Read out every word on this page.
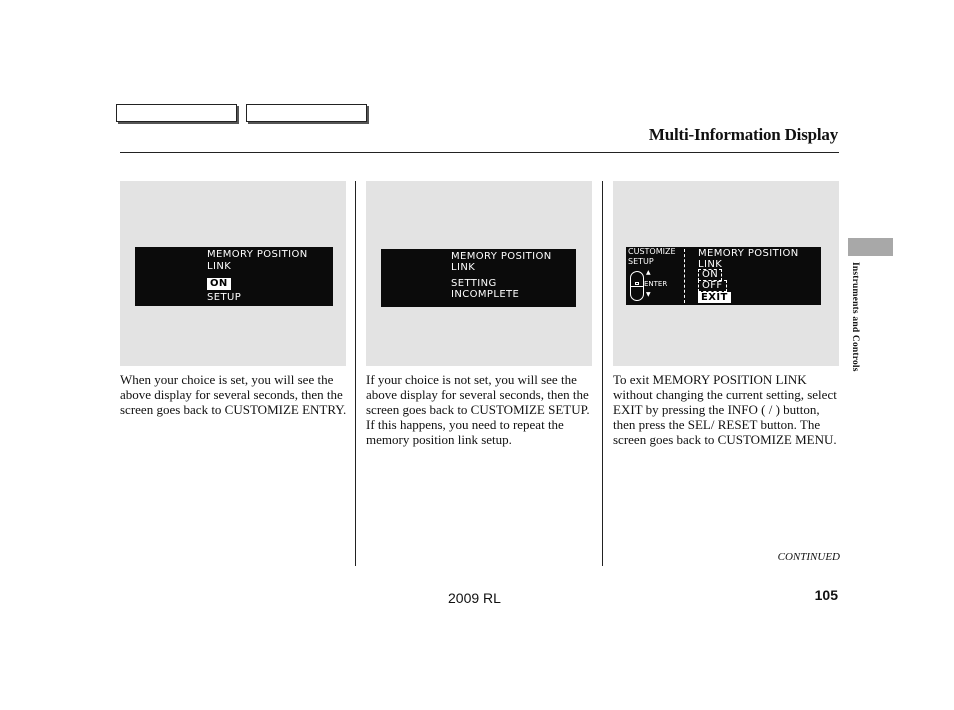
Multi-Information Display
MEMORY POSITION
LINK
ON
SETUP
MEMORY POSITION
LINK
SETTING
INCOMPLETE
CUSTOMIZE
SETUP
▲
ENTER
▼
MEMORY POSITION
LINK
ON
OFF
EXIT
When your choice is set, you will see the above display for several seconds, then the screen goes back to CUSTOMIZE ENTRY.
If your choice is not set, you will see the above display for several seconds, then the screen goes back to CUSTOMIZE SETUP. If this happens, you need to repeat the memory position link setup.
To exit MEMORY POSITION LINK without changing the current setting, select EXIT by pressing the INFO ( / ) button, then press the SEL/ RESET button. The screen goes back to CUSTOMIZE MENU.
Instruments and Controls
CONTINUED
2009 RL	105
